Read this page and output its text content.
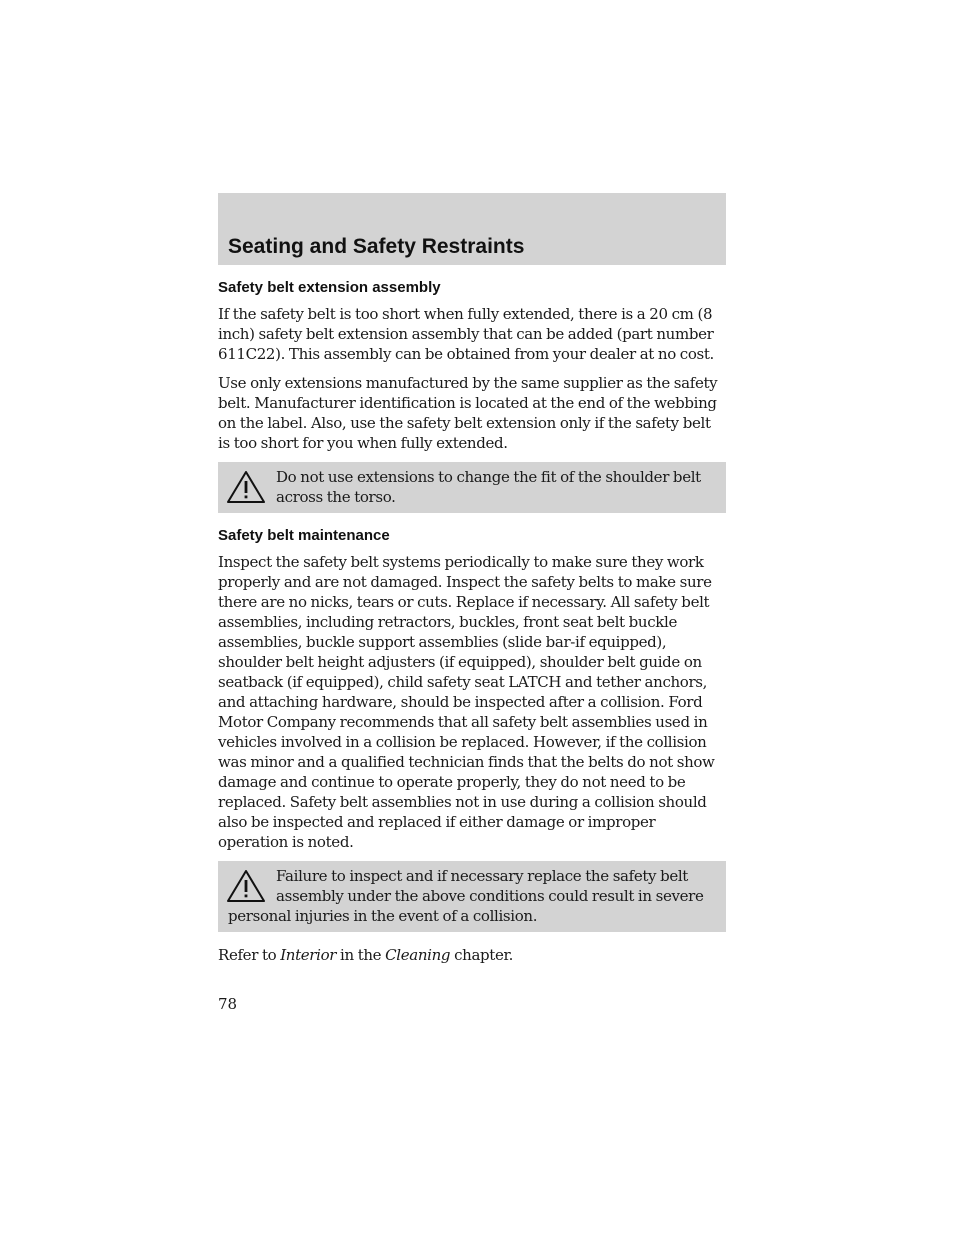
Seating and Safety Restraints
Safety belt extension assembly

If the safety belt is too short when fully extended, there is a 20 cm (8 inch) safety belt extension assembly that can be added (part number 611C22). This assembly can be obtained from your dealer at no cost.

Use only extensions manufactured by the same supplier as the safety belt. Manufacturer identification is located at the end of the webbing on the label. Also, use the safety belt extension only if the safety belt is too short for you when fully extended.

Do not use extensions to change the fit of the shoulder belt across the torso.
Safety belt maintenance

Inspect the safety belt systems periodically to make sure they work properly and are not damaged. Inspect the safety belts to make sure there are no nicks, tears or cuts. Replace if necessary. All safety belt assemblies, including retractors, buckles, front seat belt buckle assemblies, buckle support assemblies (slide bar-if equipped), shoulder belt height adjusters (if equipped), shoulder belt guide on seatback (if equipped), child safety seat LATCH and tether anchors, and attaching hardware, should be inspected after a collision. Ford Motor Company recommends that all safety belt assemblies used in vehicles involved in a collision be replaced. However, if the collision was minor and a qualified technician finds that the belts do not show damage and continue to operate properly, they do not need to be replaced. Safety belt assemblies not in use during a collision should also be inspected and replaced if either damage or improper operation is noted.

Failure to inspect and if necessary replace the safety belt assembly under the above conditions could result in severe personal injuries in the event of a collision.

Refer to Interior in the Cleaning chapter.

78
